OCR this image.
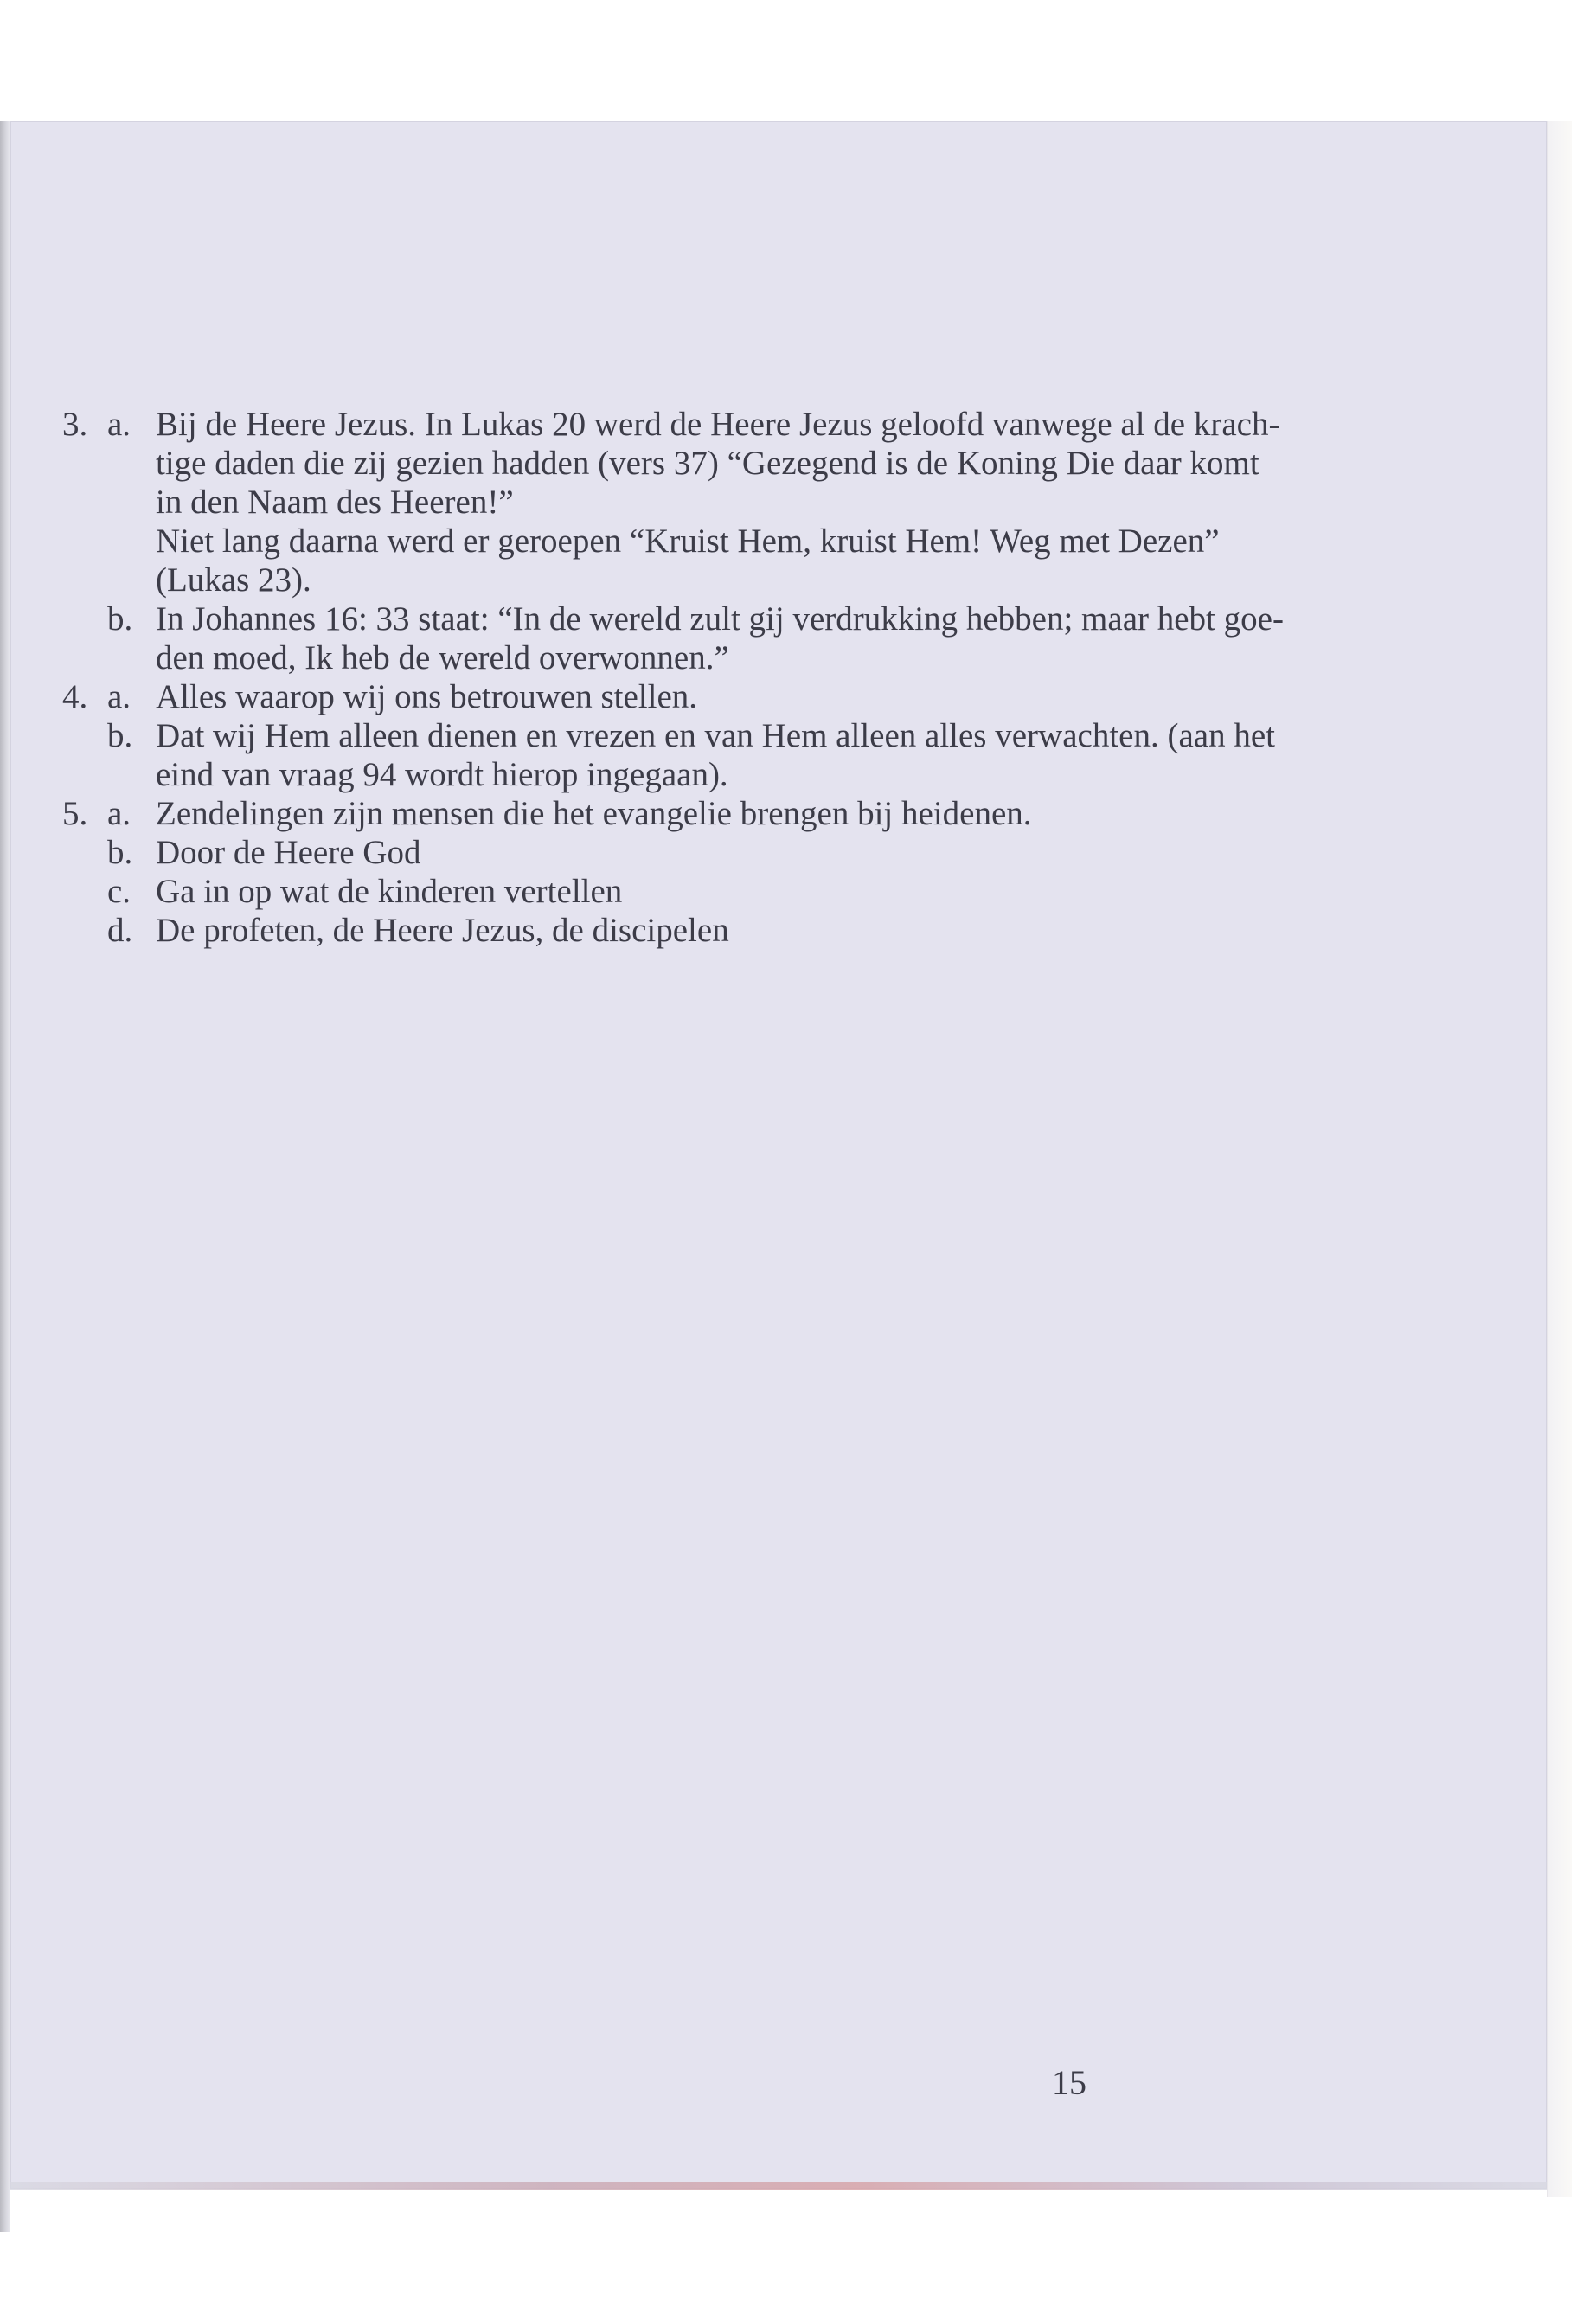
3. a. Bij de Heere Jezus. In Lukas 20 werd de Heere Jezus geloofd vanwege al de krach-
tige daden die zij gezien hadden (vers 37) “Gezegend is de Koning Die daar komt
in den Naam des Heeren!”
Niet lang daarna werd er geroepen “Kruist Hem, kruist Hem! Weg met Dezen”
(Lukas 23).
b. In Johannes 16: 33 staat: “In de wereld zult gij verdrukking hebben; maar hebt goe-
den moed, Ik heb de wereld overwonnen.”
4. a. Alles waarop wij ons betrouwen stellen.
b. Dat wij Hem alleen dienen en vrezen en van Hem alleen alles verwachten. (aan het
eind van vraag 94 wordt hierop ingegaan).
5. a. Zendelingen zijn mensen die het evangelie brengen bij heidenen.
b. Door de Heere God
c. Ga in op wat de kinderen vertellen
d. De profeten, de Heere Jezus, de discipelen
15
